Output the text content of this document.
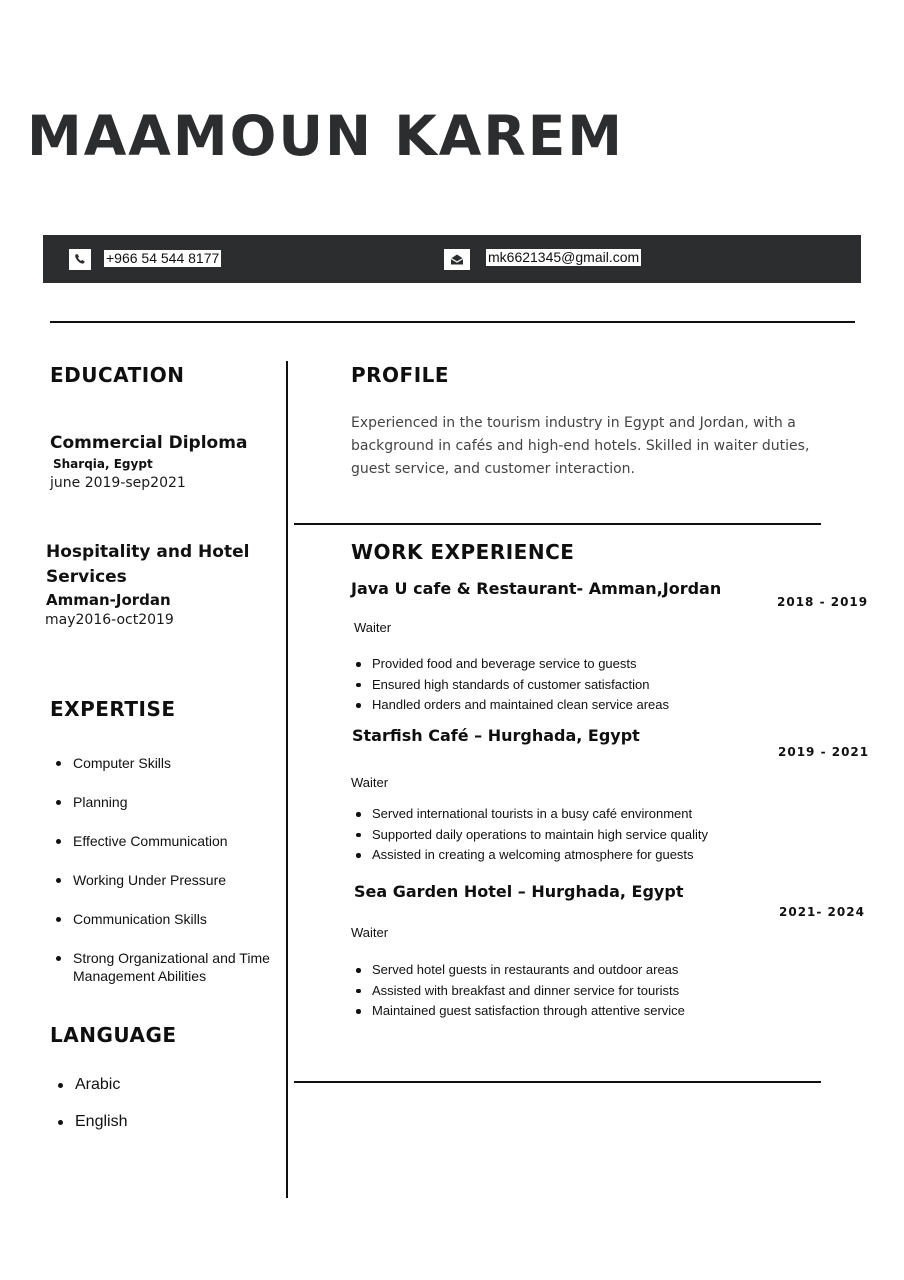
MAAMOUN KAREM
+966 54 544 8177	mk6621345@gmail.com
EDUCATION
Commercial Diploma
Sharqia, Egypt
june 2019-sep2021
Hospitality and Hotel Services
Amman-Jordan
may2016-oct2019
EXPERTISE
Computer Skills
Planning
Effective Communication
Working Under Pressure
Communication Skills
Strong Organizational and Time Management Abilities
LANGUAGE
Arabic
English
PROFILE
Experienced in the tourism industry in Egypt and Jordan, with a background in cafés and high-end hotels. Skilled in waiter duties, guest service, and customer interaction.
WORK EXPERIENCE
Java U cafe & Restaurant- Amman,Jordan
2018 - 2019
Waiter
Provided food and beverage service to guests
Ensured high standards of customer satisfaction
Handled orders and maintained clean service areas
Starfish Café – Hurghada, Egypt
2019 - 2021
Waiter
Served international tourists in a busy café environment
Supported daily operations to maintain high service quality
Assisted in creating a welcoming atmosphere for guests
Sea Garden Hotel – Hurghada, Egypt
2021- 2024
Waiter
Served hotel guests in restaurants and outdoor areas
Assisted with breakfast and dinner service for tourists
Maintained guest satisfaction through attentive service
